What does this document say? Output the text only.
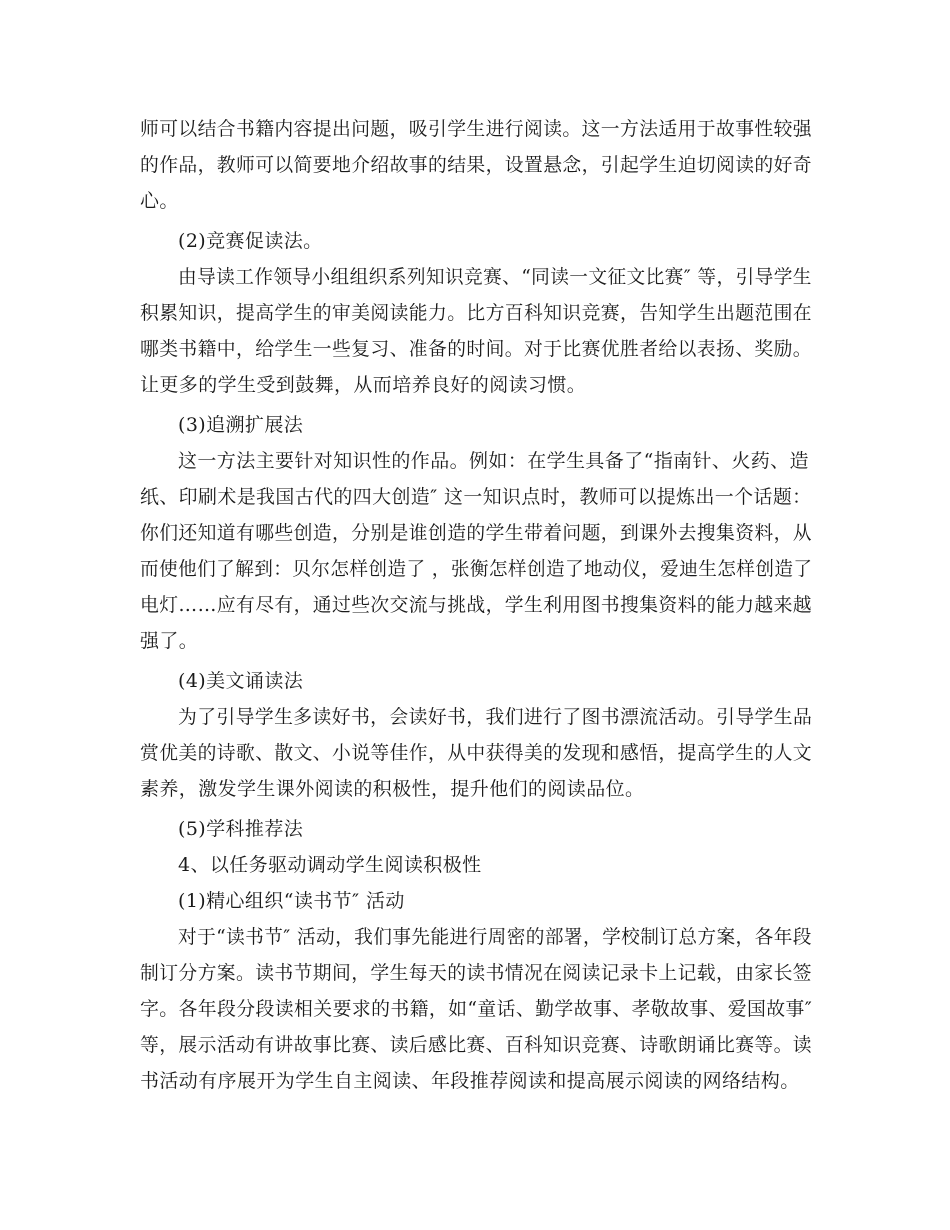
师可以结合书籍内容提出问题，吸引学生进行阅读。这一方法适用于故事性较强

的作品，教师可以简要地介绍故事的结果，设置悬念，引起学生迫切阅读的好奇

心。

(2)竞赛促读法。

由导读工作领导小组组织系列知识竞赛、“同读一文征文比赛″ 等，引导学生

积累知识，提高学生的审美阅读能力。比方百科知识竞赛，告知学生出题范围在

哪类书籍中，给学生一些复习、准备的时间。对于比赛优胜者给以表扬、奖励。

让更多的学生受到鼓舞，从而培养良好的阅读习惯。

(3)追溯扩展法

这一方法主要针对知识性的作品。例如：在学生具备了“指南针、火药、造

纸、印刷术是我国古代的四大创造″ 这一知识点时，教师可以提炼出一个话题：

你们还知道有哪些创造，分别是谁创造的学生带着问题，到课外去搜集资料，从

而使他们了解到：贝尔怎样创造了 ，张衡怎样创造了地动仪，爱迪生怎样创造了

电灯……应有尽有，通过些次交流与挑战，学生利用图书搜集资料的能力越来越

强了。

(4)美文诵读法

为了引导学生多读好书，会读好书，我们进行了图书漂流活动。引导学生品

赏优美的诗歌、散文、小说等佳作，从中获得美的发现和感悟，提高学生的人文

素养，激发学生课外阅读的积极性，提升他们的阅读品位。

(5)学科推荐法

4、以任务驱动调动学生阅读积极性

(1)精心组织“读书节″ 活动

对于“读书节″ 活动，我们事先能进行周密的部署，学校制订总方案，各年段

制订分方案。读书节期间，学生每天的读书情况在阅读记录卡上记载，由家长签

字。各年段分段读相关要求的书籍，如“童话、勤学故事、孝敬故事、爱国故事″

等，展示活动有讲故事比赛、读后感比赛、百科知识竞赛、诗歌朗诵比赛等。读

书活动有序展开为学生自主阅读、年段推荐阅读和提高展示阅读的网络结构。
